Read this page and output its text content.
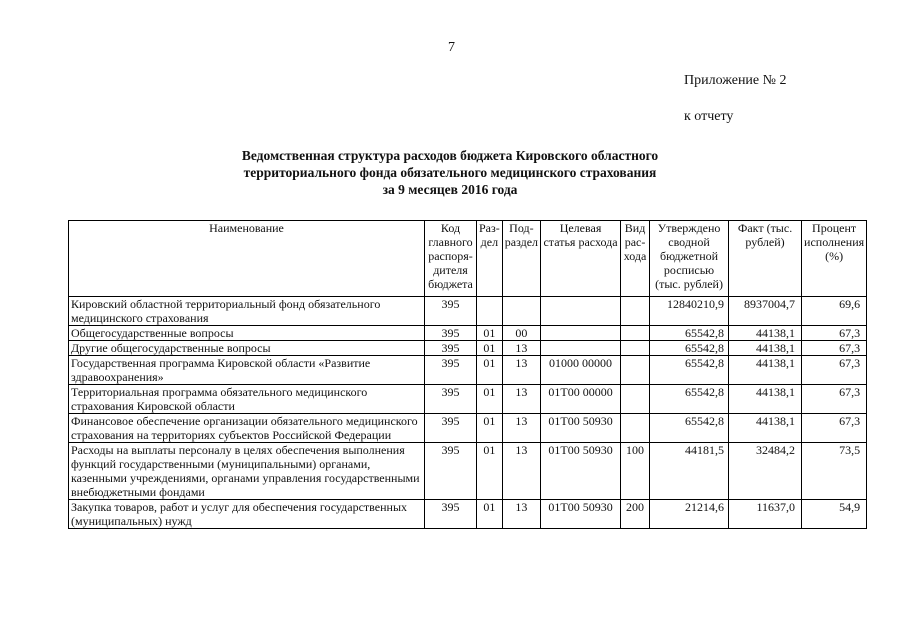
7
Приложение № 2
к отчету
Ведомственная структура расходов бюджета Кировского областного территориального фонда обязательного медицинского страхования за 9 месяцев 2016 года
Наименование	Код главного распоря-дителя бюджета	Раз-дел	Под-раздел	Целевая статья расхода	Вид рас-хода	Утверждено сводной бюджетной росписью (тыс. рублей)	Факт (тыс. рублей)	Процент исполнения (%)
Кировский областной территориальный фонд обязательного медицинского страхования	395					12840210,9	8937004,7	69,6
Общегосударственные вопросы	395	01	00			65542,8	44138,1	67,3
Другие общегосударственные вопросы	395	01	13			65542,8	44138,1	67,3
Государственная программа Кировской области «Развитие здравоохранения»	395	01	13	01000 00000		65542,8	44138,1	67,3
Территориальная программа обязательного медицинского страхования Кировской области	395	01	13	01Т00 00000		65542,8	44138,1	67,3
Финансовое обеспечение организации обязательного медицинского страхования на территориях субъектов Российской Федерации	395	01	13	01Т00 50930		65542,8	44138,1	67,3
Расходы на выплаты персоналу в целях обеспечения выполнения функций государственными (муниципальными) органами, казенными учреждениями, органами управления государственными внебюджетными фондами	395	01	13	01Т00 50930	100	44181,5	32484,2	73,5
Закупка товаров, работ и услуг для обеспечения государственных (муниципальных) нужд	395	01	13	01Т00 50930	200	21214,6	11637,0	54,9
